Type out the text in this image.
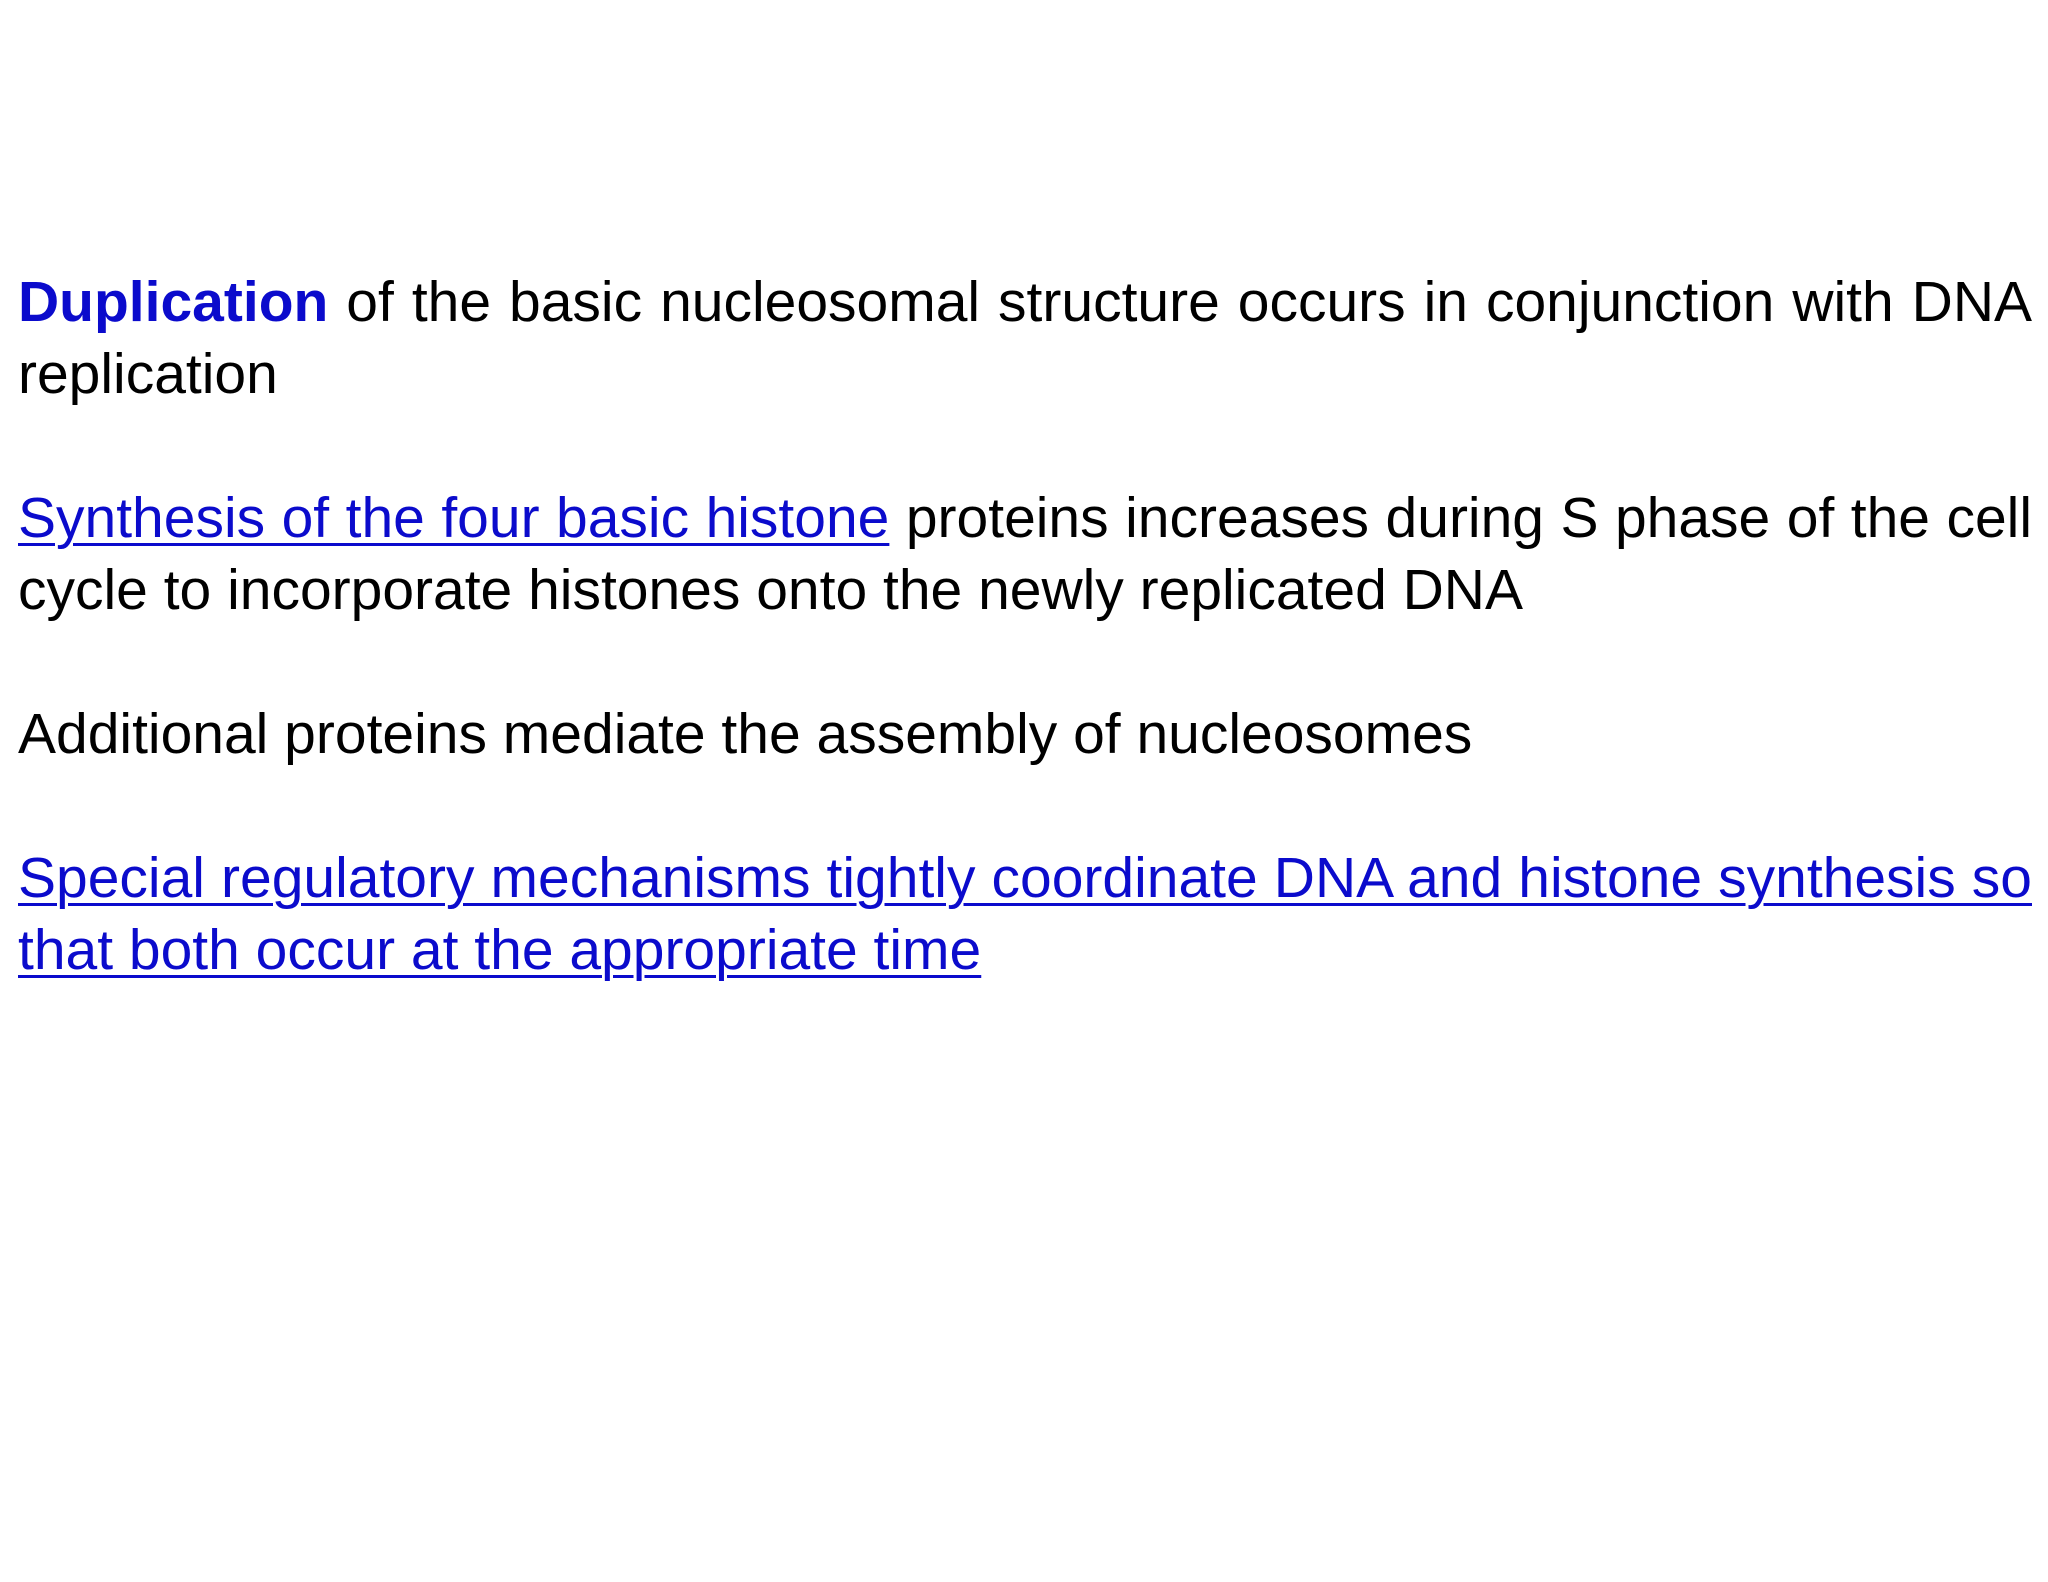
Duplication of the basic nucleosomal structure occurs in conjunction with DNA replication

Synthesis of the four basic histone proteins increases during S phase of the cell cycle to incorporate histones onto the newly replicated DNA

Additional proteins mediate the assembly of nucleosomes

Special regulatory mechanisms tightly coordinate DNA and histone synthesis so that both occur at the appropriate time
